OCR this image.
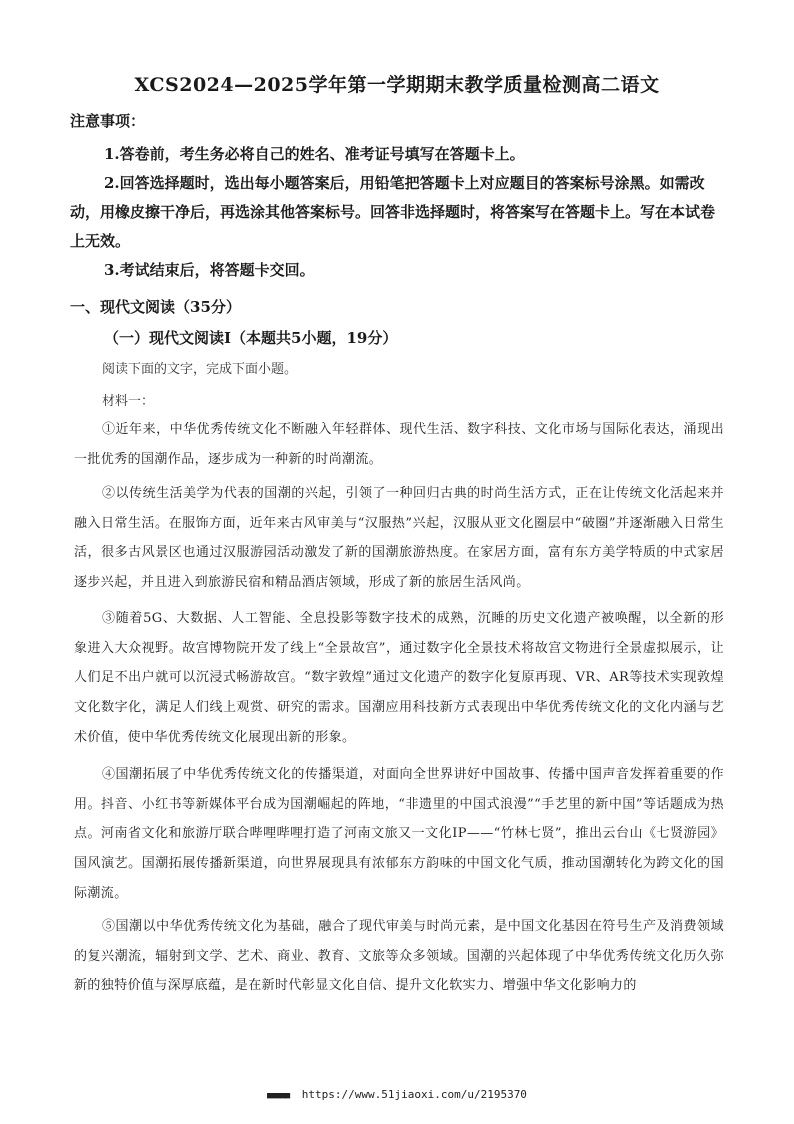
XCS2024—2025学年第一学期期末教学质量检测高二语文
注意事项：
1.答卷前，考生务必将自己的姓名、准考证号填写在答题卡上。
2.回答选择题时，选出每小题答案后，用铅笔把答题卡上对应题目的答案标号涂黑。如需改动，用橡皮擦干净后，再选涂其他答案标号。回答非选择题时，将答案写在答题卡上。写在本试卷上无效。
3.考试结束后，将答题卡交回。
一、现代文阅读（35分）
（一）现代文阅读Ⅰ（本题共5小题，19分）
阅读下面的文字，完成下面小题。
材料一：
①近年来，中华优秀传统文化不断融入年轻群体、现代生活、数字科技、文化市场与国际化表达，涌现出一批优秀的国潮作品，逐步成为一种新的时尚潮流。
②以传统生活美学为代表的国潮的兴起，引领了一种回归古典的时尚生活方式，正在让传统文化活起来并融入日常生活。在服饰方面，近年来古风审美与“汉服热”兴起，汉服从亚文化圈层中“破圈”并逐渐融入日常生活，很多古风景区也通过汉服游园活动激发了新的国潮旅游热度。在家居方面，富有东方美学特质的中式家居逐步兴起，并且进入到旅游民宿和精品酒店领域，形成了新的旅居生活风尚。
③随着5G、大数据、人工智能、全息投影等数字技术的成熟，沉睡的历史文化遗产被唤醒，以全新的形象进入大众视野。故宫博物院开发了线上“全景故宫”，通过数字化全景技术将故宫文物进行全景虚拟展示，让人们足不出户就可以沉浸式畅游故宫。“数字敦煌”通过文化遗产的数字化复原再现、VR、AR等技术实现敦煌文化数字化，满足人们线上观赏、研究的需求。国潮应用科技新方式表现出中华优秀传统文化的文化内涵与艺术价值，使中华优秀传统文化展现出新的形象。
④国潮拓展了中华优秀传统文化的传播渠道，对面向全世界讲好中国故事、传播中国声音发挥着重要的作用。抖音、小红书等新媒体平台成为国潮崛起的阵地，“非遗里的中国式浪漫”“手艺里的新中国”等话题成为热点。河南省文化和旅游厅联合哔哩哔哩打造了河南文旅又一文化IP——“竹林七贤”，推出云台山《七贤游园》国风演艺。国潮拓展传播新渠道，向世界展现具有浓郁东方韵味的中国文化气质，推动国潮转化为跨文化的国际潮流。
⑤国潮以中华优秀传统文化为基础，融合了现代审美与时尚元素，是中国文化基因在符号生产及消费领域的复兴潮流，辐射到文学、艺术、商业、教育、文旅等众多领域。国潮的兴起体现了中华优秀传统文化历久弥新的独特价值与深厚底蕴，是在新时代彰显文化自信、提升文化软实力、增强中华文化影响力的
■■■■■ https://www.51jiaoxi.com/u/2195370
